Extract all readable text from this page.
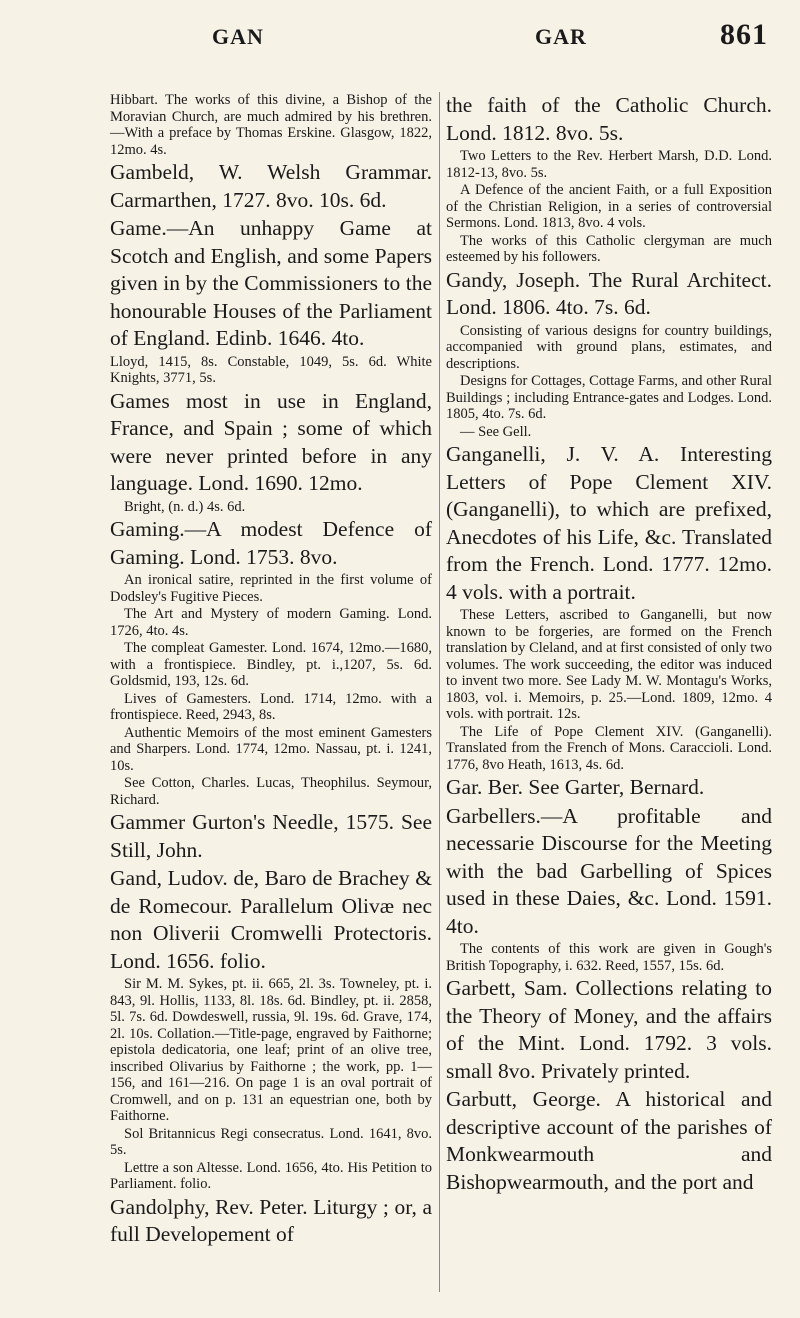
GAN	GAR	861

Hibbart. The works of this divine, a Bishop of the Moravian Church, are much admired by his brethren.—With a preface by Thomas Erskine. Glasgow, 1822, 12mo. 4s.

Gambeld, W. Welsh Grammar. Carmarthen, 1727. 8vo. 10s. 6d.

Game.—An unhappy Game at Scotch and English, and some Papers given in by the Commissioners to the honourable Houses of the Parliament of England. Edinb. 1646. 4to.

Lloyd, 1415, 8s. Constable, 1049, 5s. 6d. White Knights, 3771, 5s.

Games most in use in England, France, and Spain ; some of which were never printed before in any language. Lond. 1690. 12mo.

Bright, (n. d.) 4s. 6d.

Gaming.—A modest Defence of Gaming. Lond. 1753. 8vo.

An ironical satire, reprinted in the first volume of Dodsley's Fugitive Pieces.

The Art and Mystery of modern Gaming. Lond. 1726, 4to. 4s.

The compleat Gamester. Lond. 1674, 12mo.—1680, with a frontispiece. Bindley, pt. i.,1207, 5s. 6d. Goldsmid, 193, 12s. 6d.

Lives of Gamesters. Lond. 1714, 12mo. with a frontispiece. Reed, 2943, 8s.

Authentic Memoirs of the most eminent Gamesters and Sharpers. Lond. 1774, 12mo. Nassau, pt. i. 1241, 10s.

See Cotton, Charles. Lucas, Theophilus. Seymour, Richard.

Gammer Gurton's Needle, 1575. See Still, John.

Gand, Ludov. de, Baro de Brachey & de Romecour. Parallelum Olivæ nec non Oliverii Cromwelli Protectoris. Lond. 1656. folio.

Sir M. M. Sykes, pt. ii. 665, 2l. 3s. Towneley, pt. i. 843, 9l. Hollis, 1133, 8l. 18s. 6d. Bindley, pt. ii. 2858, 5l. 7s. 6d. Dowdeswell, russia, 9l. 19s. 6d. Grave, 174, 2l. 10s. Collation.—Title-page, engraved by Faithorne; epistola dedicatoria, one leaf; print of an olive tree, inscribed Olivarius by Faithorne ; the work, pp. 1—156, and 161—216. On page 1 is an oval portrait of Cromwell, and on p. 131 an equestrian one, both by Faithorne.

Sol Britannicus Regi consecratus. Lond. 1641, 8vo. 5s.

Lettre a son Altesse. Lond. 1656, 4to. His Petition to Parliament. folio.

Gandolphy, Rev. Peter. Liturgy ; or, a full Developement of

the faith of the Catholic Church. Lond. 1812. 8vo. 5s.

Two Letters to the Rev. Herbert Marsh, D.D. Lond. 1812-13, 8vo. 5s.

A Defence of the ancient Faith, or a full Exposition of the Christian Religion, in a series of controversial Sermons. Lond. 1813, 8vo. 4 vols.

The works of this Catholic clergyman are much esteemed by his followers.

Gandy, Joseph. The Rural Architect. Lond. 1806. 4to. 7s. 6d.

Consisting of various designs for country buildings, accompanied with ground plans, estimates, and descriptions.

Designs for Cottages, Cottage Farms, and other Rural Buildings ; including Entrance-gates and Lodges. Lond. 1805, 4to. 7s. 6d.

— See Gell.

Ganganelli, J. V. A. Interesting Letters of Pope Clement XIV. (Ganganelli), to which are prefixed, Anecdotes of his Life, &c. Translated from the French. Lond. 1777. 12mo. 4 vols. with a portrait.

These Letters, ascribed to Ganganelli, but now known to be forgeries, are formed on the French translation by Cleland, and at first consisted of only two volumes. The work succeeding, the editor was induced to invent two more. See Lady M. W. Montagu's Works, 1803, vol. i. Memoirs, p. 25.—Lond. 1809, 12mo. 4 vols. with portrait. 12s.

The Life of Pope Clement XIV. (Ganganelli). Translated from the French of Mons. Caraccioli. Lond. 1776, 8vo Heath, 1613, 4s. 6d.

Gar. Ber. See Garter, Bernard.

Garbellers.—A profitable and necessarie Discourse for the Meeting with the bad Garbelling of Spices used in these Daies, &c. Lond. 1591. 4to.

The contents of this work are given in Gough's British Topography, i. 632. Reed, 1557, 15s. 6d.

Garbett, Sam. Collections relating to the Theory of Money, and the affairs of the Mint. Lond. 1792. 3 vols. small 8vo. Privately printed.

Garbutt, George. A historical and descriptive account of the parishes of Monkwearmouth and Bishopwearmouth, and the port and
